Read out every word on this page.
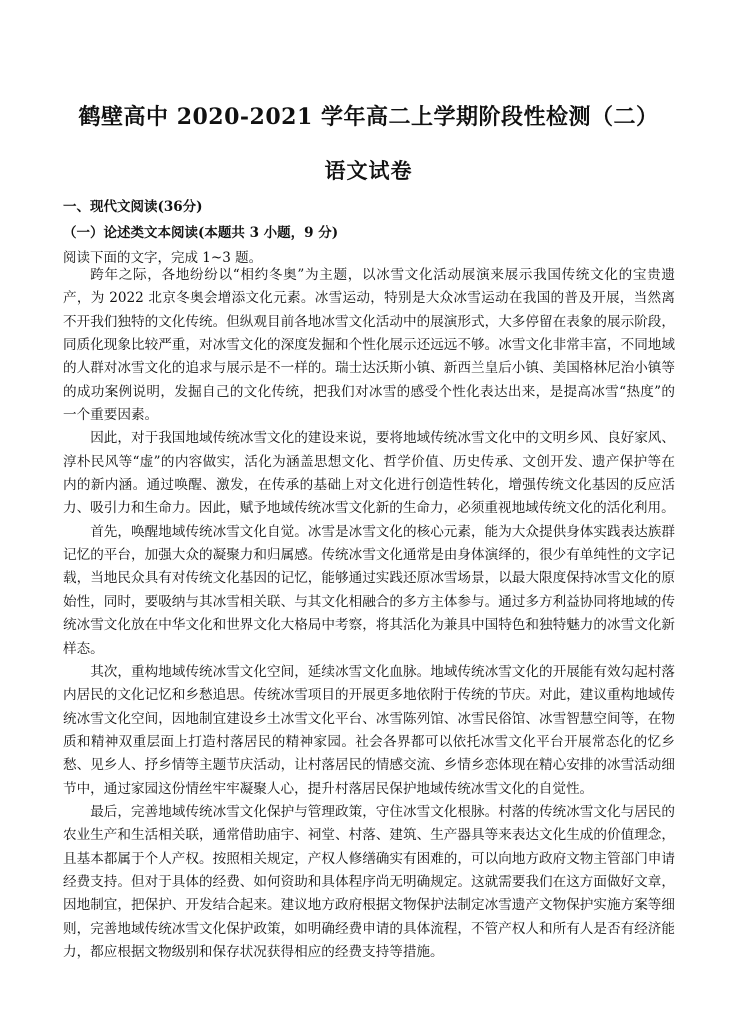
鹤壁高中 2020-2021 学年高二上学期阶段性检测（二）
语文试卷
一、现代文阅读(36分)
（一）论述类文本阅读(本题共 3 小题，9 分)
阅读下面的文字，完成 1~3 题。

跨年之际，各地纷纷以“相约冬奥”为主题，以冰雪文化活动展演来展示我国传统文化的宝贵遗产，为 2022 北京冬奥会增添文化元素。冰雪运动，特别是大众冰雪运动在我国的普及开展，当然离不开我们独特的文化传统。但纵观目前各地冰雪文化活动中的展演形式，大多停留在表象的展示阶段，同质化现象比较严重，对冰雪文化的深度发掘和个性化展示还远远不够。冰雪文化非常丰富，不同地域的人群对冰雪文化的追求与展示是不一样的。瑞士达沃斯小镇、新西兰皇后小镇、美国格林尼治小镇等的成功案例说明，发掘自己的文化传统，把我们对冰雪的感受个性化表达出来，是提高冰雪“热度”的一个重要因素。

因此，对于我国地域传统冰雪文化的建设来说，要将地域传统冰雪文化中的文明乡风、良好家风、淳朴民风等“虚”的内容做实，活化为涵盖思想文化、哲学价值、历史传承、文创开发、遗产保护等在内的新内涵。通过唤醒、激发，在传承的基础上对文化进行创造性转化，增强传统文化基因的反应活力、吸引力和生命力。因此，赋予地域传统冰雪文化新的生命力，必须重视地域传统文化的活化利用。

首先，唤醒地域传统冰雪文化自觉。冰雪是冰雪文化的核心元素，能为大众提供身体实践表达族群记忆的平台，加强大众的凝聚力和归属感。传统冰雪文化通常是由身体演绎的，很少有单纯性的文字记载，当地民众具有对传统文化基因的记忆，能够通过实践还原冰雪场景，以最大限度保持冰雪文化的原始性，同时，要吸纳与其冰雪相关联、与其文化相融合的多方主体参与。通过多方利益协同将地域的传统冰雪文化放在中华文化和世界文化大格局中考察，将其活化为兼具中国特色和独特魅力的冰雪文化新样态。

其次，重构地域传统冰雪文化空间，延续冰雪文化血脉。地域传统冰雪文化的开展能有效勾起村落内居民的文化记忆和乡愁追思。传统冰雪项目的开展更多地依附于传统的节庆。对此，建议重构地域传统冰雪文化空间，因地制宜建设乡土冰雪文化平台、冰雪陈列馆、冰雪民俗馆、冰雪智慧空间等，在物质和精神双重层面上打造村落居民的精神家园。社会各界都可以依托冰雪文化平台开展常态化的忆乡愁、见乡人、抒乡情等主题节庆活动，让村落居民的情感交流、乡情乡恋体现在精心安排的冰雪活动细节中，通过家园这份情丝牢牢凝聚人心，提升村落居民保护地域传统冰雪文化的自觉性。

最后，完善地域传统冰雪文化保护与管理政策，守住冰雪文化根脉。村落的传统冰雪文化与居民的农业生产和生活相关联，通常借助庙宇、祠堂、村落、建筑、生产器具等来表达文化生成的价值理念，且基本都属于个人产权。按照相关规定，产权人修缮确实有困难的，可以向地方政府文物主管部门申请经费支持。但对于具体的经费、如何资助和具体程序尚无明确规定。这就需要我们在这方面做好文章，因地制宜，把保护、开发结合起来。建议地方政府根据文物保护法制定冰雪遗产文物保护实施方案等细则，完善地域传统冰雪文化保护政策，如明确经费申请的具体流程，不管产权人和所有人是否有经济能力，都应根据文物级别和保存状况获得相应的经费支持等措施。
